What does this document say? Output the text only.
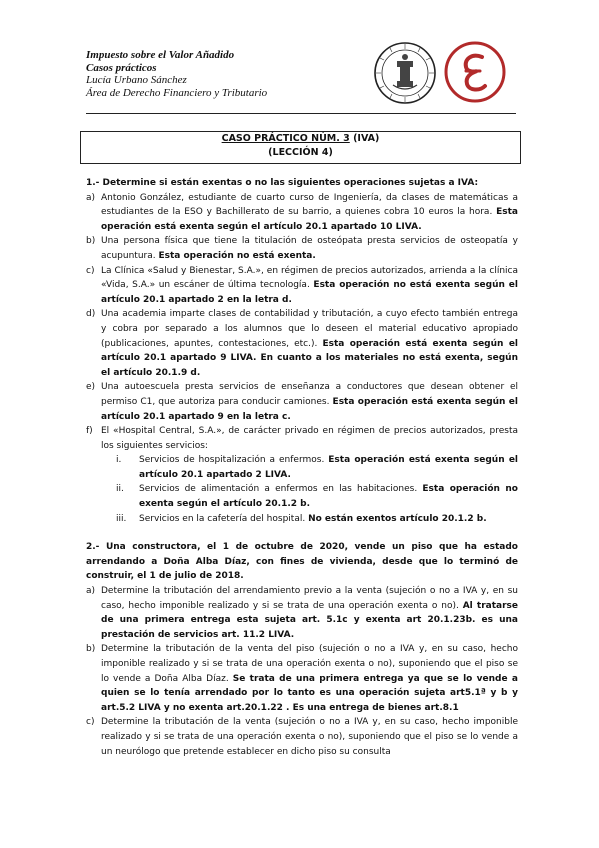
Impuesto sobre el Valor Añadido
Casos prácticos
Lucía Urbano Sánchez
Área de Derecho Financiero y Tributario
CASO PRÁCTICO NÚM. 3 (IVA)
(LECCIÓN 4)

1.- Determine si están exentas o no las siguientes operaciones sujetas a IVA:

a) Antonio González, estudiante de cuarto curso de Ingeniería, da clases de matemáticas a estudiantes de la ESO y Bachillerato de su barrio, a quienes cobra 10 euros la hora. Esta operación está exenta según el artículo 20.1 apartado 10 LIVA.
b) Una persona física que tiene la titulación de osteópata presta servicios de osteopatía y acupuntura. Esta operación no está exenta.
c) La Clínica «Salud y Bienestar, S.A.», en régimen de precios autorizados, arrienda a la clínica «Vida, S.A.» un escáner de última tecnología. Esta operación no está exenta según el artículo 20.1 apartado 2 en la letra d.
d) Una academia imparte clases de contabilidad y tributación, a cuyo efecto también entrega y cobra por separado a los alumnos que lo deseen el material educativo apropiado (publicaciones, apuntes, contestaciones, etc.). Esta operación está exenta según el artículo 20.1 apartado 9 LIVA. En cuanto a los materiales no está exenta, según el artículo 20.1.9 d.
e) Una autoescuela presta servicios de enseñanza a conductores que desean obtener el permiso C1, que autoriza para conducir camiones. Esta operación está exenta según el artículo 20.1 apartado 9 en la letra c.
f) El «Hospital Central, S.A.», de carácter privado en régimen de precios autorizados, presta los siguientes servicios:
i. Servicios de hospitalización a enfermos. Esta operación está exenta según el artículo 20.1 apartado 2 LIVA.
ii. Servicios de alimentación a enfermos en las habitaciones. Esta operación no exenta según el artículo 20.1.2 b.
iii. Servicios en la cafetería del hospital. No están exentos artículo 20.1.2 b.

2.- Una constructora, el 1 de octubre de 2020, vende un piso que ha estado arrendando a Doña Alba Díaz, con fines de vivienda, desde que lo terminó de construir, el 1 de julio de 2018.

a) Determine la tributación del arrendamiento previo a la venta (sujeción o no a IVA y, en su caso, hecho imponible realizado y si se trata de una operación exenta o no). Al tratarse de una primera entrega esta sujeta art. 5.1c y exenta art 20.1.23b. es una prestación de servicios art. 11.2 LIVA.
b) Determine la tributación de la venta del piso (sujeción o no a IVA y, en su caso, hecho imponible realizado y si se trata de una operación exenta o no), suponiendo que el piso se lo vende a Doña Alba Díaz. Se trata de una primera entrega ya que se lo vende a quien se lo tenía arrendado por lo tanto es una operación sujeta art5.1ª y b y art.5.2 LIVA y no exenta art.20.1.22 . Es una entrega de bienes art.8.1
c) Determine la tributación de la venta (sujeción o no a IVA y, en su caso, hecho imponible realizado y si se trata de una operación exenta o no), suponiendo que el piso se lo vende a un neurólogo que pretende establecer en dicho piso su consulta
